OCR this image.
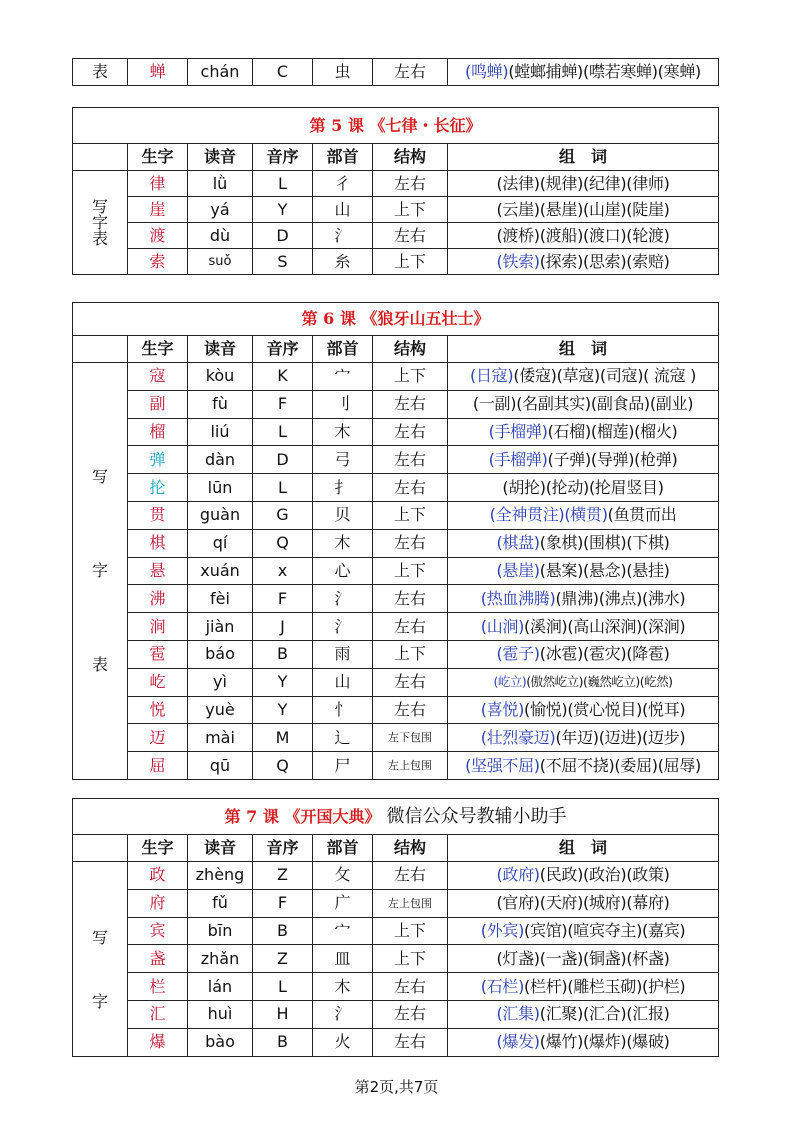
表	蝉	chán	C	虫	左右	(鸣蝉)(螳螂捕蝉)(噤若寒蝉)(寒蝉)
第 5 课 《七律・长征》						
	生字	读音	音序	部首	结构	组　词

写
字
表	律	lǜ	L	彳	左右	(法律)(规律)(纪律)(律师)
	崖	yá	Y	山	上下	(云崖)(悬崖)(山崖)(陡崖)
	渡	dù	D	氵	左右	(渡桥)(渡船)(渡口)(轮渡)
	索	suǒ	S	糸	上下	(铁索)(探索)(思索)(索赔)
第 6 课 《狼牙山五壮士》						
	生字	读音	音序	部首	结构	组　词

写
字
表	寇	kòu	K	宀	上下	(日寇)(倭寇)(草寇)(司寇)( 流寇 )
	副	fù	F	刂	左右	(一副)(名副其实)(副食品)(副业)
	榴	liú	L	木	左右	(手榴弹)(石榴)(榴莲)(榴火)
	弹	dàn	D	弓	左右	(手榴弹)(子弹)(导弹)(枪弹)
	抡	lūn	L	扌	左右	(胡抡)(抡动)(抡眉竖目)
	贯	guàn	G	贝	上下	(全神贯注)(横贯)(鱼贯而出
	棋	qí	Q	木	左右	(棋盘)(象棋)(围棋)(下棋)
	悬	xuán	x	心	上下	(悬崖)(悬案)(悬念)(悬挂)
	沸	fèi	F	氵	左右	(热血沸腾)(鼎沸)(沸点)(沸水)
	涧	jiàn	J	氵	左右	(山涧)(溪涧)(高山深涧)(深涧)
	雹	báo	B	雨	上下	(雹子)(冰雹)(雹灾)(降雹)
	屹	yì	Y	山	左右	(屹立)(傲然屹立)(巍然屹立)(屹然)
	悦	yuè	Y	忄	左右	(喜悦)(愉悦)(赏心悦目)(悦耳)
	迈	mài	M	辶	左下包围	(壮烈豪迈)(年迈)(迈进)(迈步)
	屈	qū	Q	尸	左上包围	(坚强不屈)(不屈不挠)(委屈)(屈辱)
第 7 课 《开国大典》 微信公众号教辅小助手						
	生字	读音	音序	部首	结构	组　词

写
字	政	zhèng	Z	攵	左右	(政府)(民政)(政治)(政策)
	府	fǔ	F	广	左上包围	(官府)(天府)(城府)(幕府)
	宾	bīn	B	宀	上下	(外宾)(宾馆)(喧宾夺主)(嘉宾)
	盏	zhǎn	Z	皿	上下	(灯盏)(一盏)(铜盏)(杯盏)
	栏	lán	L	木	左右	(石栏)(栏杆)(雕栏玉砌)(护栏)
	汇	huì	H	氵	左右	(汇集)(汇聚)(汇合)(汇报)
	爆	bào	B	火	左右	(爆发)(爆竹)(爆炸)(爆破)
第2页,共7页
